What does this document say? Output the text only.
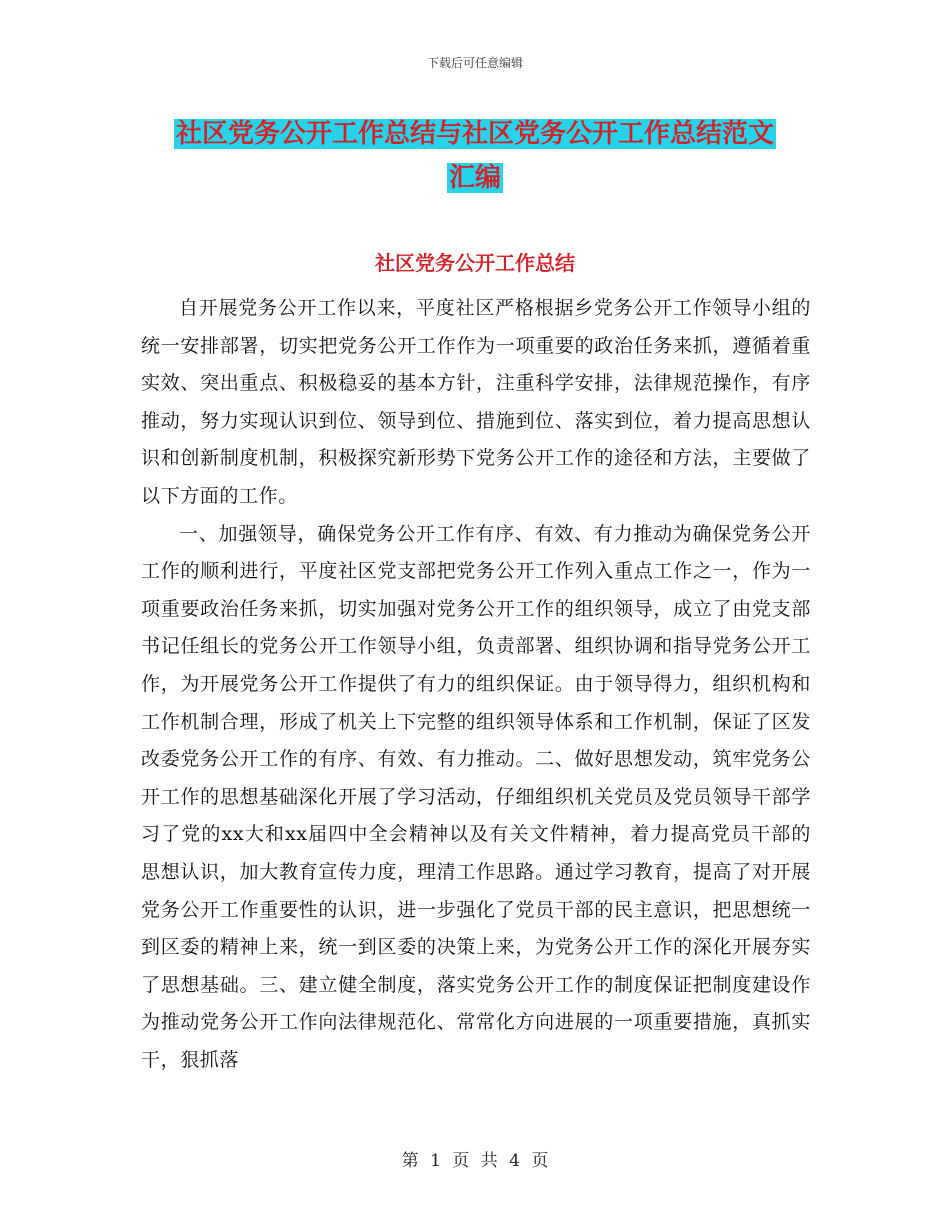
下载后可任意编辑
社区党务公开工作总结与社区党务公开工作总结范文
汇编
社区党务公开工作总结

自开展党务公开工作以来，平度社区严格根据乡党务公开工作领导小组的统一安排部署，切实把党务公开工作作为一项重要的政治任务来抓，遵循着重实效、突出重点、积极稳妥的基本方针，注重科学安排，法律规范操作，有序推动，努力实现认识到位、领导到位、措施到位、落实到位，着力提高思想认识和创新制度机制，积极探究新形势下党务公开工作的途径和方法，主要做了以下方面的工作。

一、加强领导，确保党务公开工作有序、有效、有力推动为确保党务公开工作的顺利进行，平度社区党支部把党务公开工作列入重点工作之一，作为一项重要政治任务来抓，切实加强对党务公开工作的组织领导，成立了由党支部书记任组长的党务公开工作领导小组，负责部署、组织协调和指导党务公开工作，为开展党务公开工作提供了有力的组织保证。由于领导得力，组织机构和工作机制合理，形成了机关上下完整的组织领导体系和工作机制，保证了区发改委党务公开工作的有序、有效、有力推动。二、做好思想发动，筑牢党务公开工作的思想基础深化开展了学习活动，仔细组织机关党员及党员领导干部学习了党的xx大和xx届四中全会精神以及有关文件精神，着力提高党员干部的思想认识，加大教育宣传力度，理清工作思路。通过学习教育，提高了对开展党务公开工作重要性的认识，进一步强化了党员干部的民主意识，把思想统一到区委的精神上来，统一到区委的决策上来，为党务公开工作的深化开展夯实了思想基础。三、建立健全制度，落实党务公开工作的制度保证把制度建设作为推动党务公开工作向法律规范化、常常化方向进展的一项重要措施，真抓实干，狠抓落

第 1 页 共 4 页
